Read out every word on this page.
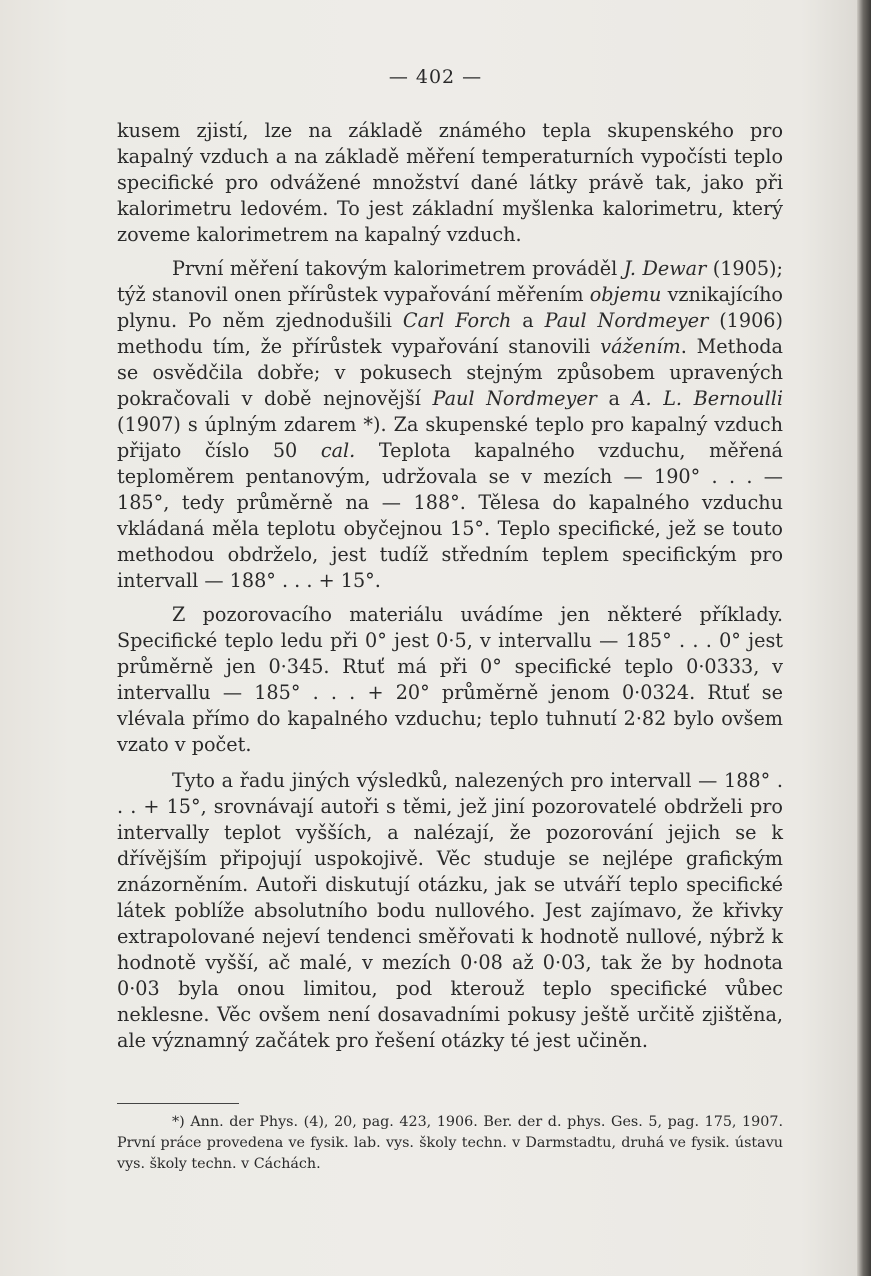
— 402 —

kusem zjistí, lze na základě známého tepla skupenského pro kapalný vzduch a na základě měření temperaturních vypočísti teplo specifické pro odvážené množství dané látky právě tak, jako při kalorimetru ledovém. To jest základní myšlenka kalorimetru, který zoveme kalorimetrem na kapalný vzduch.

První měření takovým kalorimetrem prováděl J. Dewar (1905); týž stanovil onen přírůstek vypařování měřením objemu vznikajícího plynu. Po něm zjednodušili Carl Forch a Paul Nordmeyer (1906) methodu tím, že přírůstek vypařování stanovili vážením. Methoda se osvědčila dobře; v pokusech stejným způsobem upravených pokračovali v době nejnovější Paul Nordmeyer a A. L. Bernoulli (1907) s úplným zdarem *). Za skupenské teplo pro kapalný vzduch přijato číslo 50 cal. Teplota kapalného vzduchu, měřená teploměrem pentanovým, udržovala se v mezích — 190° . . . — 185°, tedy průměrně na — 188°. Tělesa do kapalného vzduchu vkládaná měla teplotu obyčejnou 15°. Teplo specifické, jež se touto methodou obdrželo, jest tudíž středním teplem specifickým pro intervall — 188° . . . + 15°.

Z pozorovacího materiálu uvádíme jen některé příklady. Specifické teplo ledu při 0° jest 0·5, v intervallu — 185° . . . 0° jest průměrně jen 0·345. Rtuť má při 0° specifické teplo 0·0333, v intervallu — 185° . . . + 20° průměrně jenom 0·0324. Rtuť se vlévala přímo do kapalného vzduchu; teplo tuhnutí 2·82 bylo ovšem vzato v počet.

Tyto a řadu jiných výsledků, nalezených pro intervall — 188° . . . + 15°, srovnávají autoři s těmi, jež jiní pozorovatelé obdrželi pro intervally teplot vyšších, a nalézají, že pozorování jejich se k dřívějším připojují uspokojivě. Věc studuje se nejlépe grafickým znázorněním. Autoři diskutují otázku, jak se utváří teplo specifické látek poblíže absolutního bodu nullového. Jest zajímavo, že křivky extrapolované nejeví tendenci směřovati k hodnotě nullové, nýbrž k hodnotě vyšší, ač malé, v mezích 0·08 až 0·03, tak že by hodnota 0·03 byla onou limitou, pod kterouž teplo specifické vůbec neklesne. Věc ovšem není dosavadními pokusy ještě určitě zjištěna, ale významný začátek pro řešení otázky té jest učiněn.

*) Ann. der Phys. (4), 20, pag. 423, 1906. Ber. der d. phys. Ges. 5, pag. 175, 1907. První práce provedena ve fysik. lab. vys. školy techn. v Darmstadtu, druhá ve fysik. ústavu vys. školy techn. v Cáchách.
